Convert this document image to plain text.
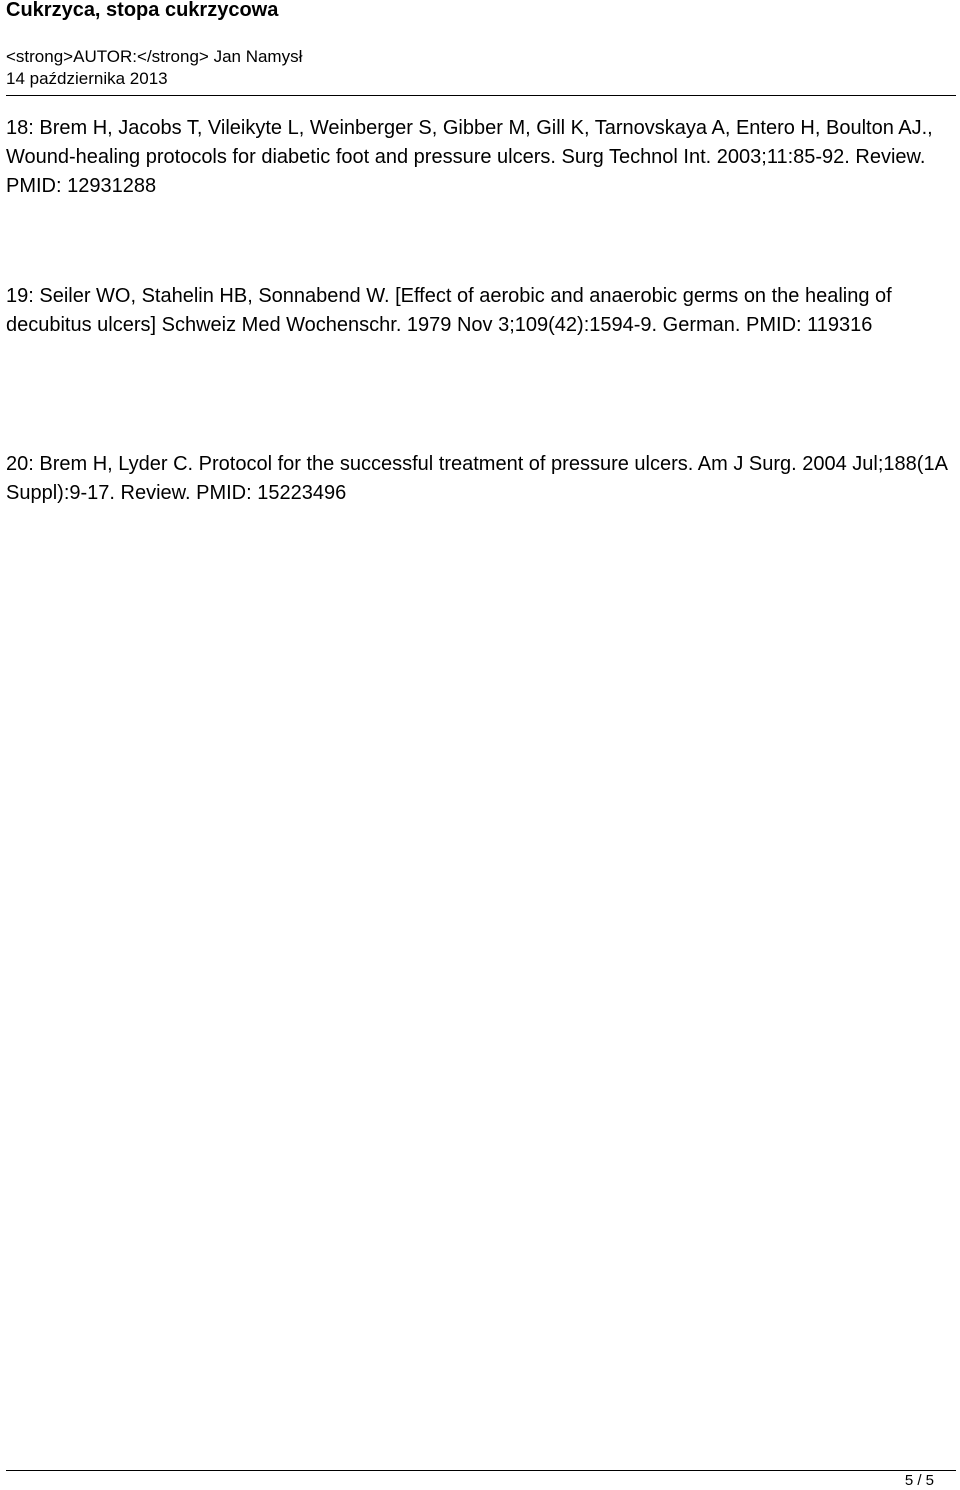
Cukrzyca, stopa cukrzycowa
<strong>AUTOR:</strong> Jan Namysł
14 października 2013

18: Brem H, Jacobs T, Vileikyte L, Weinberger S, Gibber M, Gill K, Tarnovskaya A, Entero H, Boulton AJ., Wound-healing protocols for diabetic foot and pressure ulcers. Surg Technol Int. 2003;11:85-92. Review. PMID: 12931288

19: Seiler WO, Stahelin HB, Sonnabend W. [Effect of aerobic and anaerobic germs on the healing of decubitus ulcers] Schweiz Med Wochenschr. 1979 Nov 3;109(42):1594-9. German. PMID: 119316

20: Brem H, Lyder C. Protocol for the successful treatment of pressure ulcers. Am J Surg. 2004 Jul;188(1A Suppl):9-17. Review. PMID: 15223496

5 / 5
